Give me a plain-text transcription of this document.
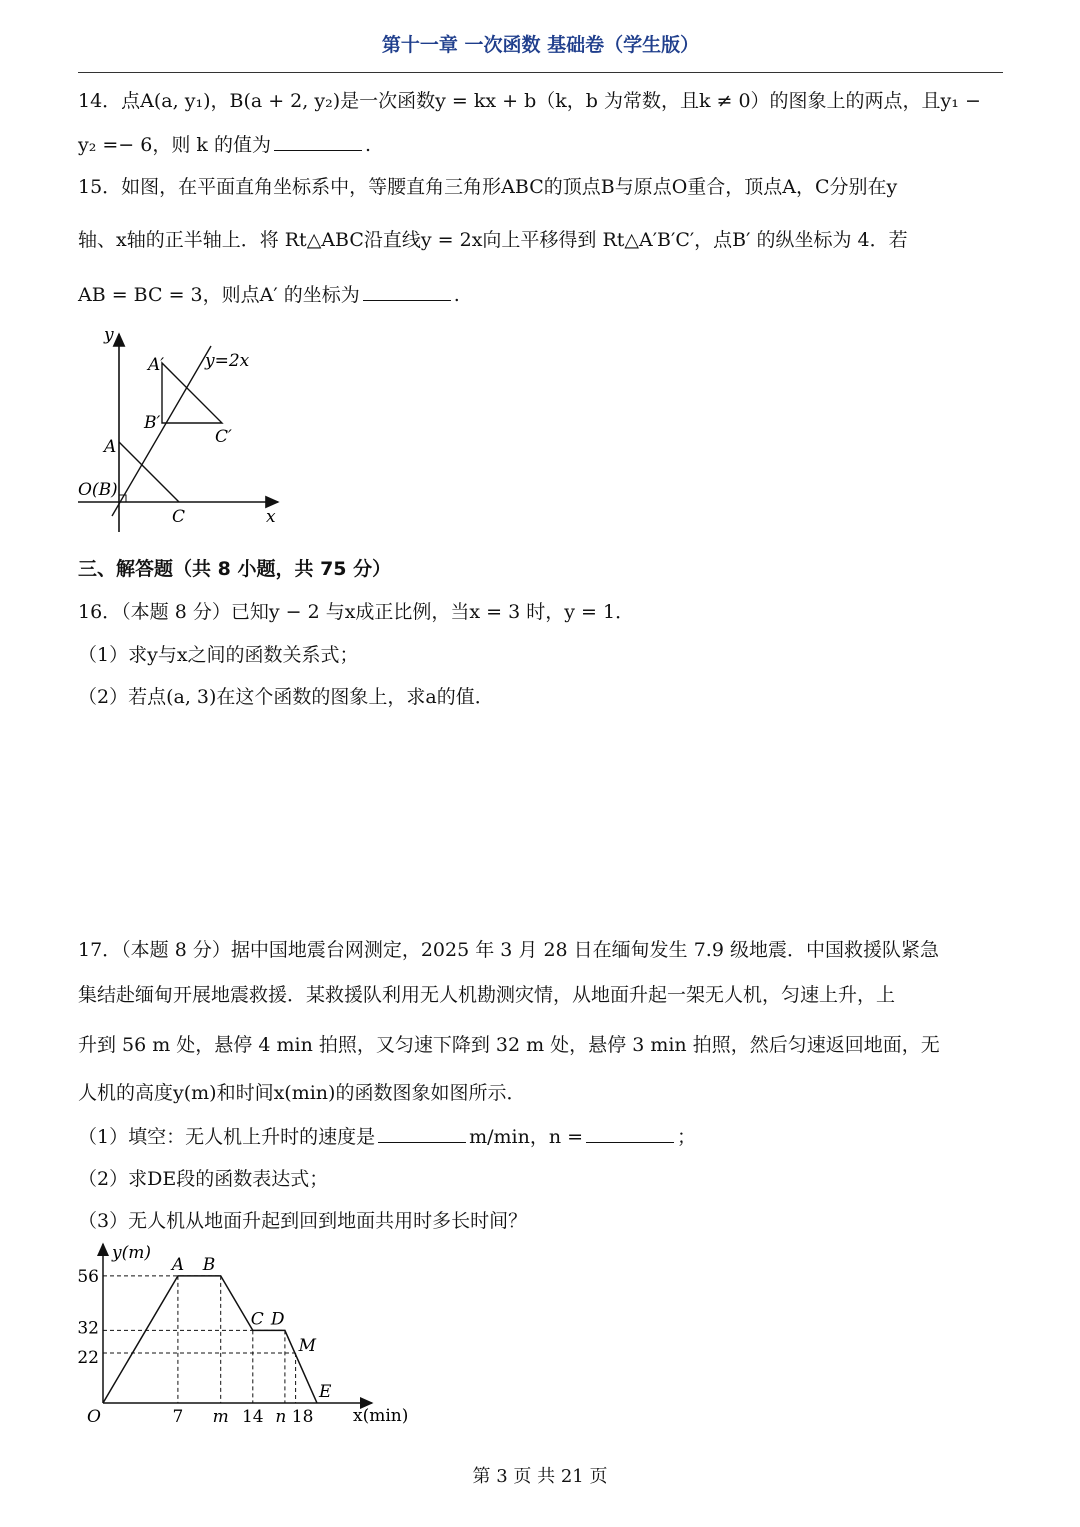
第十一章 一次函数 基础卷（学生版）
14．点A(a, y₁)，B(a + 2, y₂)是一次函数y = kx + b（k，b 为常数，且k ≠ 0）的图象上的两点，且y₁ −
y₂ =− 6，则 k 的值为	.
15．如图，在平面直角坐标系中，等腰直角三角形ABC的顶点B与原点O重合，顶点A，C分别在y
轴、x轴的正半轴上．将 Rt△ABC沿直线y = 2x向上平移得到 Rt△A′B′C′，点B′ 的纵坐标为 4．若
AB = BC = 3，则点A′ 的坐标为	.
y
y=2x
A′
B′
C′
A
O(B)
C	x
三、解答题（共 8 小题，共 75 分）
16．（本题 8 分）已知y − 2 与x成正比例，当x = 3 时，y = 1．
（1）求y与x之间的函数关系式；
（2）若点(a, 3)在这个函数的图象上，求a的值．
17．（本题 8 分）据中国地震台网测定，2025 年 3 月 28 日在缅甸发生 7.9 级地震．中国救援队紧急
集结赴缅甸开展地震救援．某救援队利用无人机勘测灾情，从地面升起一架无人机，匀速上升，上
升到 56 m 处，悬停 4 min 拍照，又匀速下降到 32 m 处，悬停 3 min 拍照，然后匀速返回地面，无
人机的高度y(m)和时间x(min)的函数图象如图所示．
（1）填空：无人机上升时的速度是	m/min，n =	；
（2）求DE段的函数表达式；
（3）无人机从地面升起到回到地面共用时多长时间？
56
32
22
7 m 14 n 18
O
A B
C D
E
M
y(m)
x(min)
第 3 页 共 21 页
